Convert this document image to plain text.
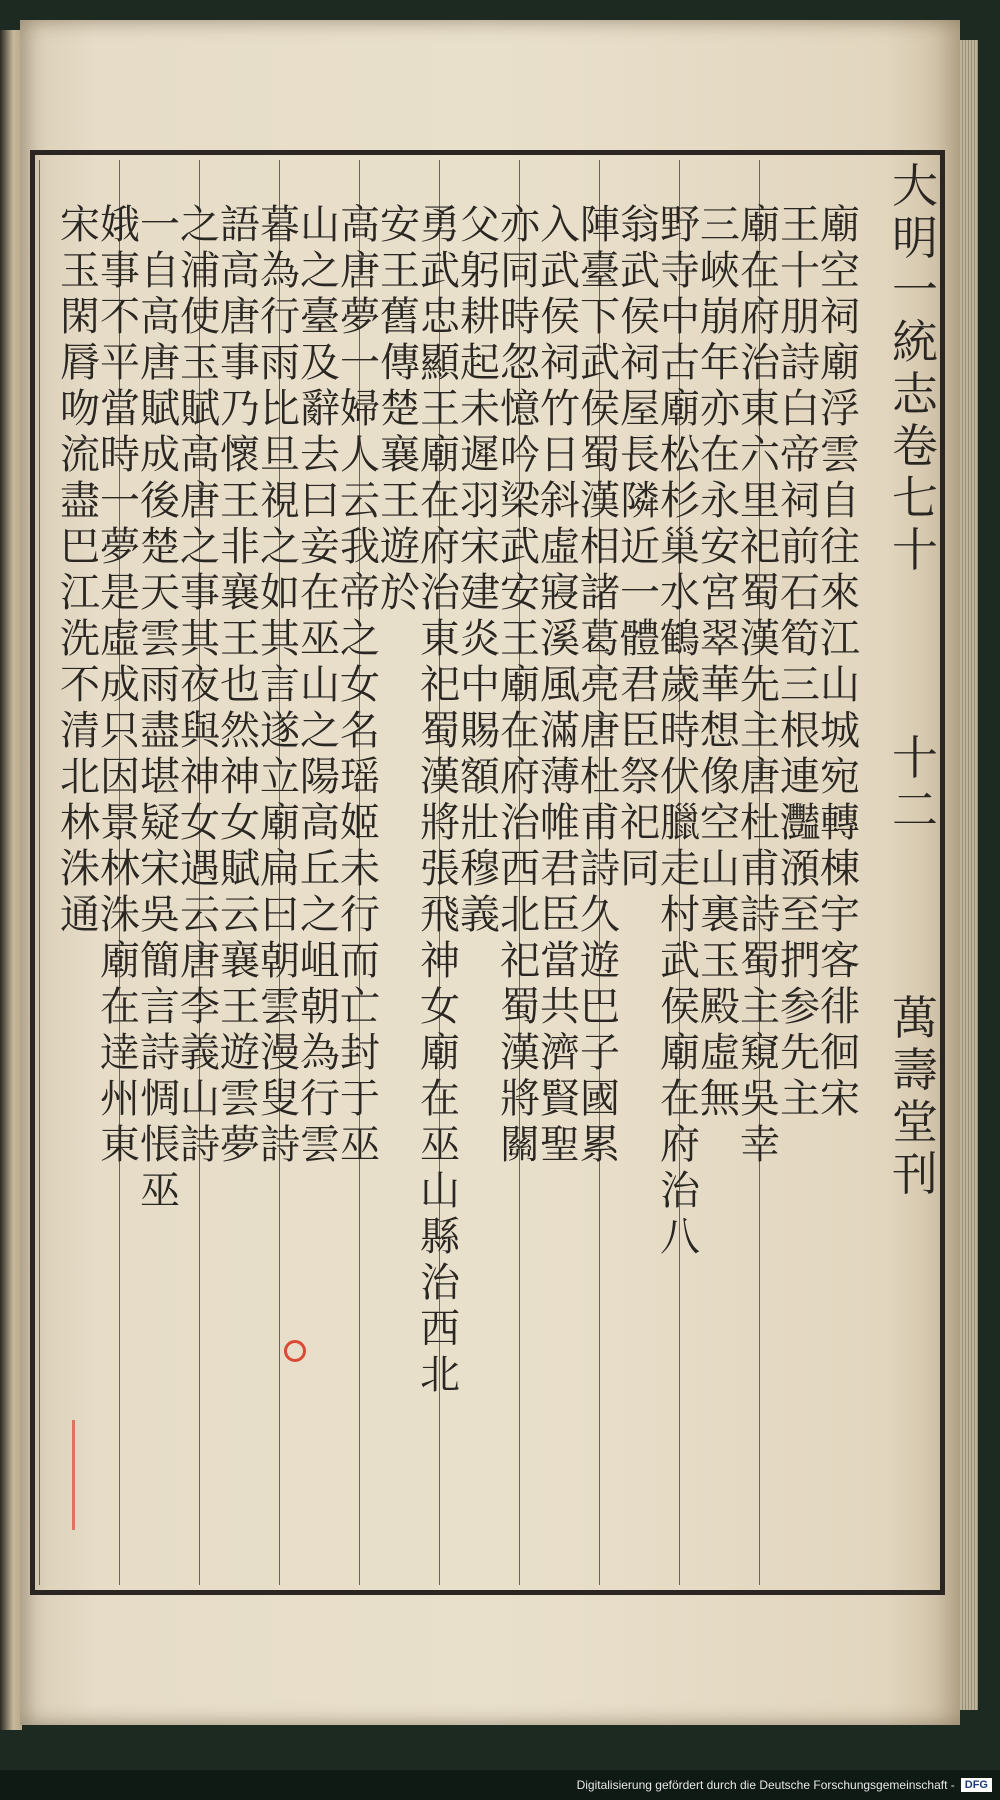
大
明
一
統
志
卷
七
十
十
二
萬
壽
堂
刊
廟
空
祠
廟
浮
雲
自
往
來
江
山
城
宛
轉
棟
宇
客
徘
徊
宋
王
十
朋
詩
白
帝
祠
前
石
筍
三
根
連
灩
澦
至
捫
参
先
主
廟
在
府
治
東
六
里
祀
蜀
漢
先
主
唐
杜
甫
詩
蜀
主
窺
吳
幸
三
峽
崩
年
亦
在
永
安
宮
翠
華
想
像
空
山
裏
玉
殿
虛
無
野
寺
中
古
廟
松
杉
巢
水
鶴
歲
時
伏
臘
走
村
武
侯
廟
在
府
治
八
翁
武
侯
祠
屋
長
隣
近
一
體
君
臣
祭
祀
同
陣
臺
下
武
侯
蜀
漢
相
諸
葛
亮
唐
杜
甫
詩
久
遊
巴
子
國
累
入
武
侯
祠
竹
日
斜
虛
寢
溪
風
滿
薄
帷
君
臣
當
共
濟
賢
聖
亦
同
時
忽
憶
吟
梁
武
安
王
廟
在
府
治
西
北
祀
蜀
漢
將
關
父
躬
耕
起
未
遲
羽
宋
建
炎
中
賜
額
壯
穆
義
勇
武
忠
顯
王
廟
在
府
治
東
祀
蜀
漢
將
張
飛
神
女
廟
在
巫
山
縣
治
西
北
安
王
舊
傳
楚
襄
王
遊
於
高
唐
夢
一
婦
人
云
我
帝
之
女
名
瑶
姬
未
行
而
亡
封
于
巫
山
之
臺
及
辭
去
曰
妾
在
巫
山
之
陽
高
丘
之
岨
朝
為
行
雲
暮
為
行
雨
比
旦
視
之
如
其
言
遂
立
廟
扁
曰
朝
雲
漫
叟
詩
語
高
唐
事
乃
懷
王
非
襄
王
也
然
神
女
賦
云
襄
王
遊
雲
夢
之
浦
使
玉
賦
高
唐
之
事
其
夜
與
神
女
遇
云
唐
李
義
山
詩
一
自
高
唐
賦
成
後
楚
天
雲
雨
盡
堪
疑
宋
吳
簡
言
詩
惆
悵
巫
娥
事
不
平
當
時
一
夢
是
虛
成
只
因
景
林
洙
廟
在
逹
州
東
宋
玉
閑
脣
吻
流
盡
巴
江
洗
不
清
北
林
洙
通
Digitalisierung gefördert durch die Deutsche Forschungsgemeinschaft - DFG
